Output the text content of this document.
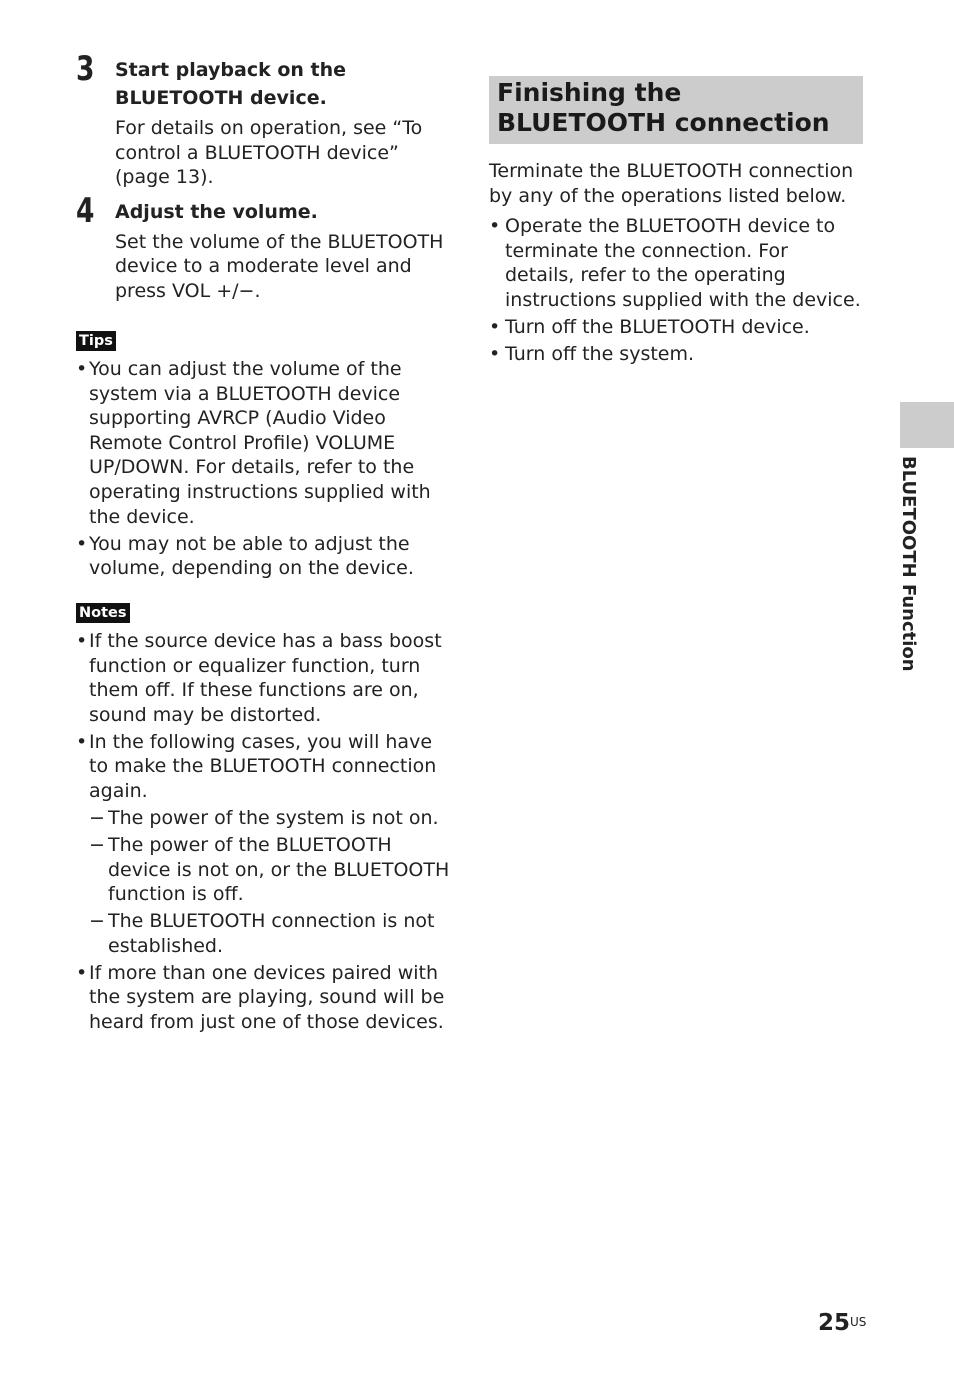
3 Start playback on the BLUETOOTH device.

For details on operation, see “To control a BLUETOOTH device” (page 13).
4 Adjust the volume.

Set the volume of the BLUETOOTH device to a moderate level and press VOL +/−.
Tips
• You can adjust the volume of the system via a BLUETOOTH device supporting AVRCP (Audio Video Remote Control Profile) VOLUME UP/DOWN. For details, refer to the operating instructions supplied with the device.
• You may not be able to adjust the volume, depending on the device.
Notes
• If the source device has a bass boost function or equalizer function, turn them off. If these functions are on, sound may be distorted.
• In the following cases, you will have to make the BLUETOOTH connection again.
− The power of the system is not on.
− The power of the BLUETOOTH device is not on, or the BLUETOOTH function is off.
− The BLUETOOTH connection is not established.
• If more than one devices paired with the system are playing, sound will be heard from just one of those devices.
Finishing the BLUETOOTH connection
Terminate the BLUETOOTH connection by any of the operations listed below.
• Operate the BLUETOOTH device to terminate the connection. For details, refer to the operating instructions supplied with the device.
• Turn off the BLUETOOTH device.
• Turn off the system.
BLUETOOTH Function
$25^{US}$
